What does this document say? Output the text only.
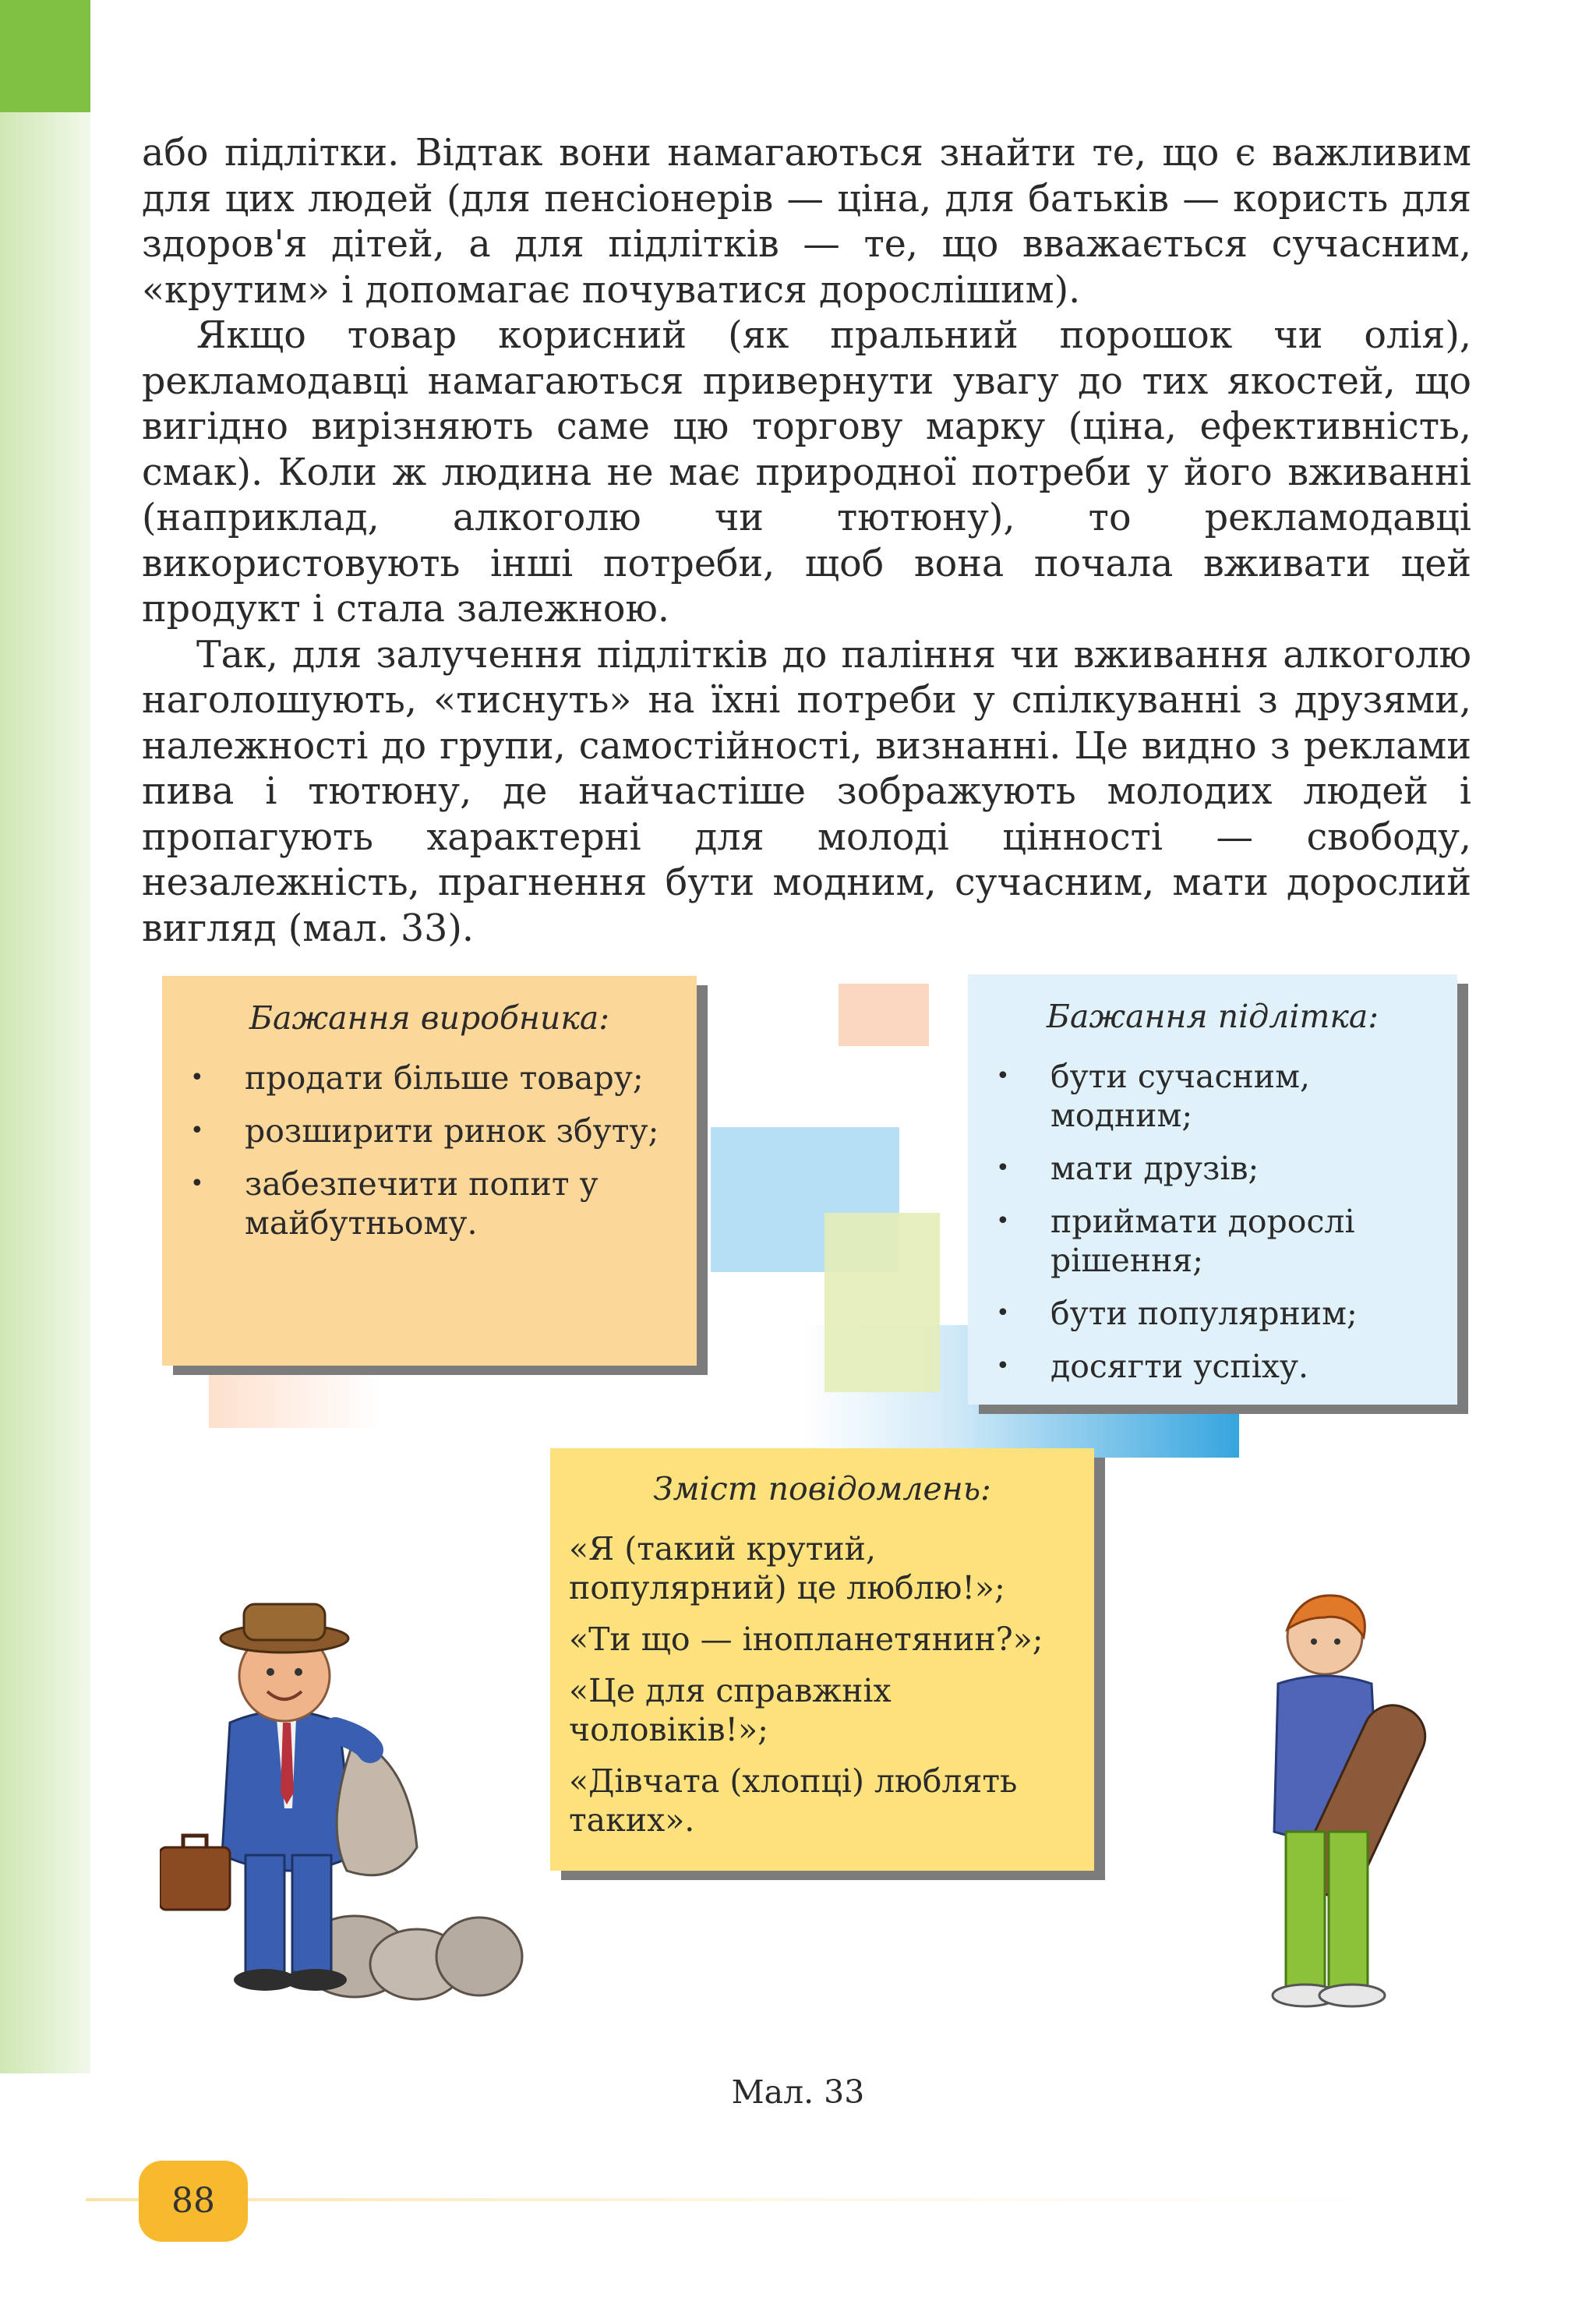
або підлітки. Відтак вони намагаються знайти те, що є важливим для цих людей (для пенсіонерів — ціна, для батьків — користь для здоров'я дітей, а для підлітків — те, що вважається сучасним, «крутим» і допомагає почуватися дорослішим).

Якщо товар корисний (як пральний порошок чи олія), рекламодавці намагаються привернути увагу до тих якостей, що вигідно вирізняють саме цю торгову марку (ціна, ефективність, смак). Коли ж людина не має природної потреби у його вживанні (наприклад, алкоголю чи тютюну), то рекламодавці використовують інші потреби, щоб вона почала вживати цей продукт і стала залежною.

Так, для залучення підлітків до паління чи вживання алкоголю наголошують, «тиснуть» на їхні потреби у спілкуванні з друзями, належності до групи, самостійності, визнанні. Це видно з реклами пива і тютюну, де найчастіше зображують молодих людей і пропагують характерні для молоді цінності — свободу, незалежність, прагнення бути модним, сучасним, мати дорослий вигляд (мал. 33).

Бажання виробника:
• продати більше товару;
• розширити ринок збуту;
• забезпечити попит у майбутньому.
Бажання підлітка:
• бути сучасним, модним;
• мати друзів;
• приймати дорослі рішення;
• бути популярним;
• досягти успіху.
Зміст повідомлень:

«Я (такий крутий, популярний) це люблю!»;

«Ти що — інопланетянин?»;

«Це для справжніх чоловіків!»;

«Дівчата (хлопці) люблять таких».

Мал. 33
88
